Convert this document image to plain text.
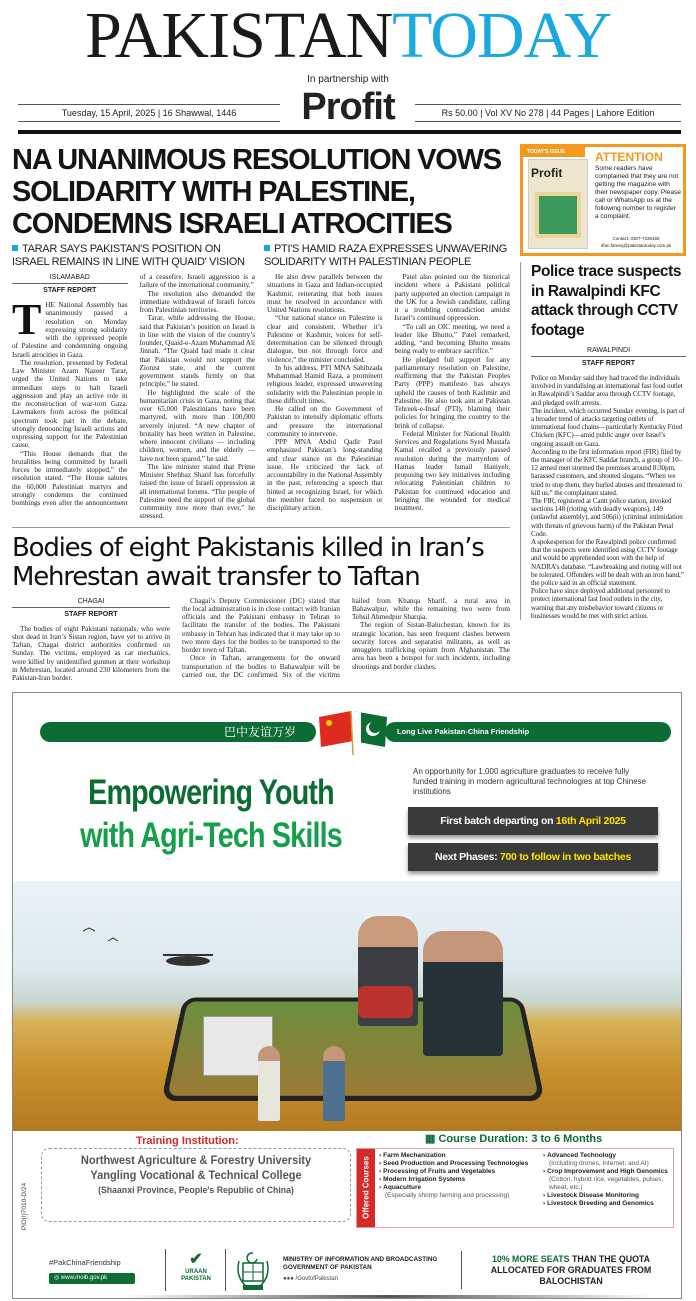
PAKISTANTODAY
In partnership with
Tuesday, 15 April, 2025 | 16 Shawwal, 1446	Rs 50.00 | Vol XV No 278 | 44 Pages | Lahore Edition
Profit
NA UNANIMOUS RESOLUTION VOWS SOLIDARITY WITH PALESTINE, CONDEMNS ISRAELI ATROCITIES
TARAR SAYS PAKISTAN'S POSITION ON ISRAEL REMAINS IN LINE WITH QUAID' VISION
PTI'S HAMID RAZA EXPRESSES UNWAVERING SOLIDARITY WITH PALESTINIAN PEOPLE

ISLAMABAD

STAFF REPORT

THE National Assembly has unanimously passed a resolution on Monday expressing strong solidarity with the oppressed people of Palestine and condemning ongoing Israeli atrocities in Gaza.

The resolution, presented by Federal Law Minister Azam Nazeer Tarar, urged the United Nations to take immediate steps to halt Israeli aggression and play an active role in the reconstruction of war-torn Gaza. Lawmakers from across the political spectrum took part in the debate, strongly denouncing Israeli actions and expressing support for the Palestinian cause.

“This House demands that the brutalities being committed by Israeli forces be immediately stopped,” the resolution stated. “The House salutes the 60,000 Palestinian martyrs and strongly condemns the continued bombings even after the announcement of a ceasefire. Israeli aggression is a failure of the international community.”

The resolution also demanded the immediate withdrawal of Israeli forces from Palestinian territories.

Tarar, while addressing the House, said that Pakistan’s position on Israel is in line with the vision of the country’s founder, Quaid-e-Azam Muhammad Ali Jinnah. “The Quaid had made it clear that Pakistan would not support the Zionist state, and the current government stands firmly on that principle,” he stated.

He highlighted the scale of the humanitarian crisis in Gaza, noting that over 65,000 Palestinians have been martyred, with more than 100,000 severely injured. “A new chapter of brutality has been written in Palestine, where innocent civilians — including children, women, and the elderly — have not been spared,” he said.

The law minister stated that Prime Minister Shehbaz Sharif has forcefully raised the issue of Israeli oppression at all international forums. “The people of Palestine need the support of the global community now more than ever,” he stressed.

He also drew parallels between the situations in Gaza and Indian-occupied Kashmir, reiterating that both issues must be resolved in accordance with United Nations resolutions.

“Our national stance on Palestine is clear and consistent. Whether it’s Palestine or Kashmir, voices for self-determination can be silenced through dialogue, but not through force and violence,” the minister concluded.

In his address, PTI MNA Sahibzada Muhammad Hamid Raza, a prominent religious leader, expressed unwavering solidarity with the Palestinian people in these difficult times.

He called on the Government of Pakistan to intensify diplomatic efforts and pressure the international community to intervene.

PPP MNA Abdul Qadir Patel emphasized Pakistan’s long-standing and clear stance on the Palestinian issue. He criticized the lack of accountability in the National Assembly in the past, referencing a speech that hinted at recognizing Israel, for which the member faced no suspension or disciplinary action.

Patel also pointed out the historical incident where a Pakistani political party supported an election campaign in the UK for a Jewish candidate, calling it a troubling contradiction amidst Israel’s continued oppression.

“To call an OIC meeting, we need a leader like Bhutto,” Patel remarked, adding, “and becoming Bhutto means being ready to embrace sacrifice.”

He pledged full support for any parliamentary resolution on Palestine, reaffirming that the Pakistan Peoples Party (PPP) manifesto has always upheld the causes of both Kashmir and Palestine. He also took aim at Pakistan Tehreek-e-Insaf (PTI), blaming their policies for bringing the country to the brink of collapse.

Federal Minister for National Health Services and Regulations Syed Mustafa Kamal recalled a previously passed resolution during the martyrdom of Hamas leader Ismail Haniyeh, proposing two key initiatives including relocating Palestinian children to Pakistan for continued education and bringing the wounded for medical treatment.

Bodies of eight Pakistanis killed in Iran’s Mehrestan await transfer to Taftan

CHAGAI

STAFF REPORT

The bodies of eight Pakistani nationals, who were shot dead in Iran’s Sistan region, have yet to arrive in Taftan, Chagai district authorities confirmed on Sunday. The victims, employed as car mechanics, were killed by unidentified gunmen at their workshop in Mehrestan, located around 230 kilometers from the Pakistan-Iran border.

Chagai’s Deputy Commissioner (DC) stated that the local administration is in close contact with Iranian officials and the Pakistani embassy in Tehran to facilitate the transfer of the bodies. The Pakistani embassy in Tehran has indicated that it may take up to two more days for the bodies to be transported to the border town of Taftan.

Once in Taftan, arrangements for the onward transportation of the bodies to Bahawalpur will be carried out, the DC confirmed. Six of the victims hailed from Khanqa Sharif, a rural area in Bahawalpur, while the remaining two were from Tehsil Ahmedpur Sharqia.

The region of Sistan-Baluchestan, known for its strategic location, has seen frequent clashes between security forces and separatist militants, as well as smugglers trafficking opium from Afghanistan. The area has been a hotspot for such incidents, including shootings and border clashes.

TODAY'S ISSUE
Profit
ATTENTION
Some readers have complained that they are not getting the magazine with their newspaper copy. Please call or WhatsApp us at the following number to register a complaint.
Contact: 0307-7339168
irfan.fareeq@pakistantoday.com.pk
Police trace suspects in Rawalpindi KFC attack through CCTV footage

RAWALPINDI

STAFF REPORT

Police on Monday said they had traced the individuals involved in vandalising an international fast food outlet in Rawalpindi’s Saddar area through CCTV footage, and pledged swift arrests.

The incident, which occurred Sunday evening, is part of a broader trend of attacks targeting outlets of international food chains—particularly Kentucky Fried Chicken (KFC)—amid public anger over Israel’s ongoing assault on Gaza.

According to the first information report (FIR) filed by the manager of the KFC Saddar branch, a group of 10–12 armed men stormed the premises around 8:30pm, harassed customers, and shouted slogans. “When we tried to stop them, they hurled abuses and threatened to kill us,” the complainant stated.

The FIR, registered at Cantt police station, invoked sections 148 (rioting with deadly weapons), 149 (unlawful assembly), and 506(ii) (criminal intimidation with threats of grievous harm) of the Pakistan Penal Code.

A spokesperson for the Rawalpindi police confirmed that the suspects were identified using CCTV footage and would be apprehended soon with the help of NADRA’s database. “Lawbreaking and rioting will not be tolerated. Offenders will be dealt with an iron hand,” the police said in an official statement.

Police have since deployed additional personnel to protect international fast food outlets in the city, warning that any misbehavior toward citizens or businesses would be met with strict action.

巴中友谊万岁	Long Live Pakistan-China Friendship
Empowering Youth
with Agri-Tech Skills
An opportunity for 1,000 agriculture graduates to receive fully funded training in modern agricultural technologies at top Chinese institutions
First batch departing on 16th April 2025
Next Phases: 700 to follow in two batches
PID(I)7010-D/24
Training Institution:
Northwest Agriculture & Forestry University
Yangling Vocational & Technical College
(Shaanxi Province, People's Republic of China)
▦ Course Duration: 3 to 6 Months
Offered Courses
› Farm Mechanization
› Seed Production and Processing Technologies
› Processing of Fruits and Vegetables
› Modern Irrigation Systems
› Aquaculture
(Especially shrimp farming and processing)
› Advanced Technology
(Including drones, Internet, and AI)
› Crop Improvement and High Genomics
(Cotton, hybrid rice, vegetables, pulses, wheat, etc.)
› Livestock Disease Monitoring
› Livestock Breeding and Genomics
#PakChinaFriendship
◎ www.moib.gov.pk
✔
URAAN PAKISTAN
MINISTRY OF INFORMATION AND BROADCASTING
GOVERNMENT OF PAKISTAN
●●● /GovtofPakistan
10% MORE SEATS THAN THE QUOTA ALLOCATED FOR GRADUATES FROM BALOCHISTAN
